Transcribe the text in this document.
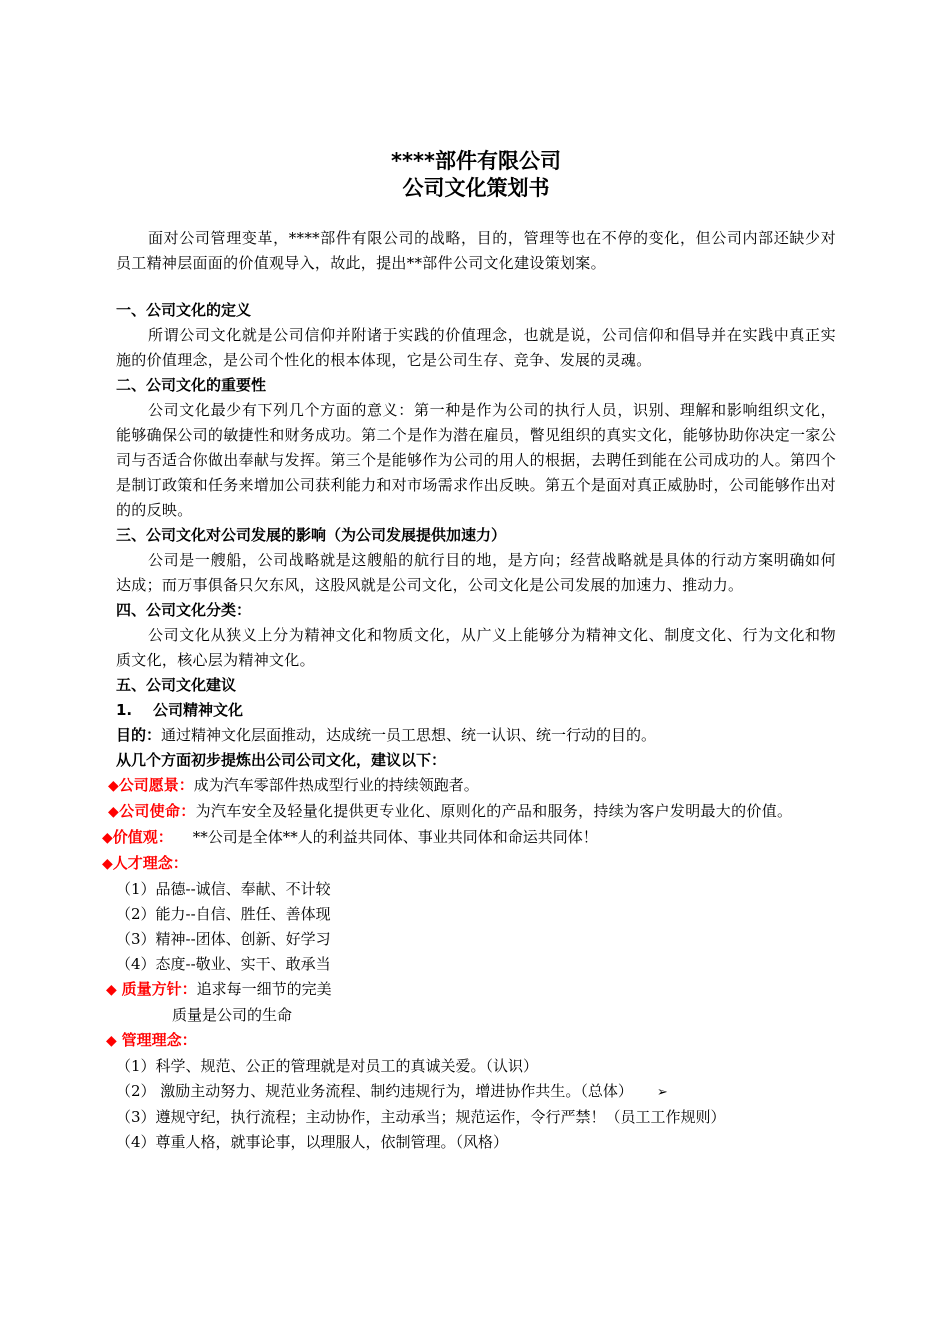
****部件有限公司
公司文化策划书
面对公司管理变革，****部件有限公司的战略，目的，管理等也在不停的变化，但公司内部还缺少对员工精神层面面的价值观导入，故此，提出**部件公司文化建设策划案。
一、公司文化的定义
所谓公司文化就是公司信仰并附诸于实践的价值理念，也就是说，公司信仰和倡导并在实践中真正实施的价值理念，是公司个性化的根本体现，它是公司生存、竞争、发展的灵魂。
二、公司文化的重要性
公司文化最少有下列几个方面的意义：第一种是作为公司的执行人员，识别、理解和影响组织文化，能够确保公司的敏捷性和财务成功。第二个是作为潜在雇员，瞥见组织的真实文化，能够协助你决定一家公司与否适合你做出奉献与发挥。第三个是能够作为公司的用人的根据，去聘任到能在公司成功的人。第四个是制订政策和任务来增加公司获利能力和对市场需求作出反映。第五个是面对真正威胁时，公司能够作出对的的反映。
三、公司文化对公司发展的影响（为公司发展提供加速力）
公司是一艘船，公司战略就是这艘船的航行目的地，是方向；经营战略就是具体的行动方案明确如何达成；而万事俱备只欠东风，这股风就是公司文化，公司文化是公司发展的加速力、推动力。
四、公司文化分类：
公司文化从狭义上分为精神文化和物质文化，从广义上能够分为精神文化、制度文化、行为文化和物质文化，核心层为精神文化。
五、公司文化建议
1.    公司精神文化
目的：通过精神文化层面推动，达成统一员工思想、统一认识、统一行动的目的。
从几个方面初步提炼出公司公司文化，建议以下：
◆公司愿景：成为汽车零部件热成型行业的持续领跑者。
◆公司使命：为汽车安全及轻量化提供更专业化、原则化的产品和服务，持续为客户发明最大的价值。
◆价值观： **公司是全体**人的利益共同体、事业共同体和命运共同体！
◆人才理念：
（1）品德--诚信、奉献、不计较
（2）能力--自信、胜任、善体现
（3）精神--团体、创新、好学习
（4）态度--敬业、实干、敢承当
◆ 质量方针：追求每一细节的完美
质量是公司的生命
◆ 管理理念：
（1）科学、规范、公正的管理就是对员工的真诚关爱。（认识）
（2） 激励主动努力、规范业务流程、制约违规行为，增进协作共生。（总体） ➢
（3）遵规守纪，执行流程；主动协作，主动承当；规范运作，令行严禁！（员工工作规则）
（4）尊重人格，就事论事，以理服人，依制管理。（风格）
